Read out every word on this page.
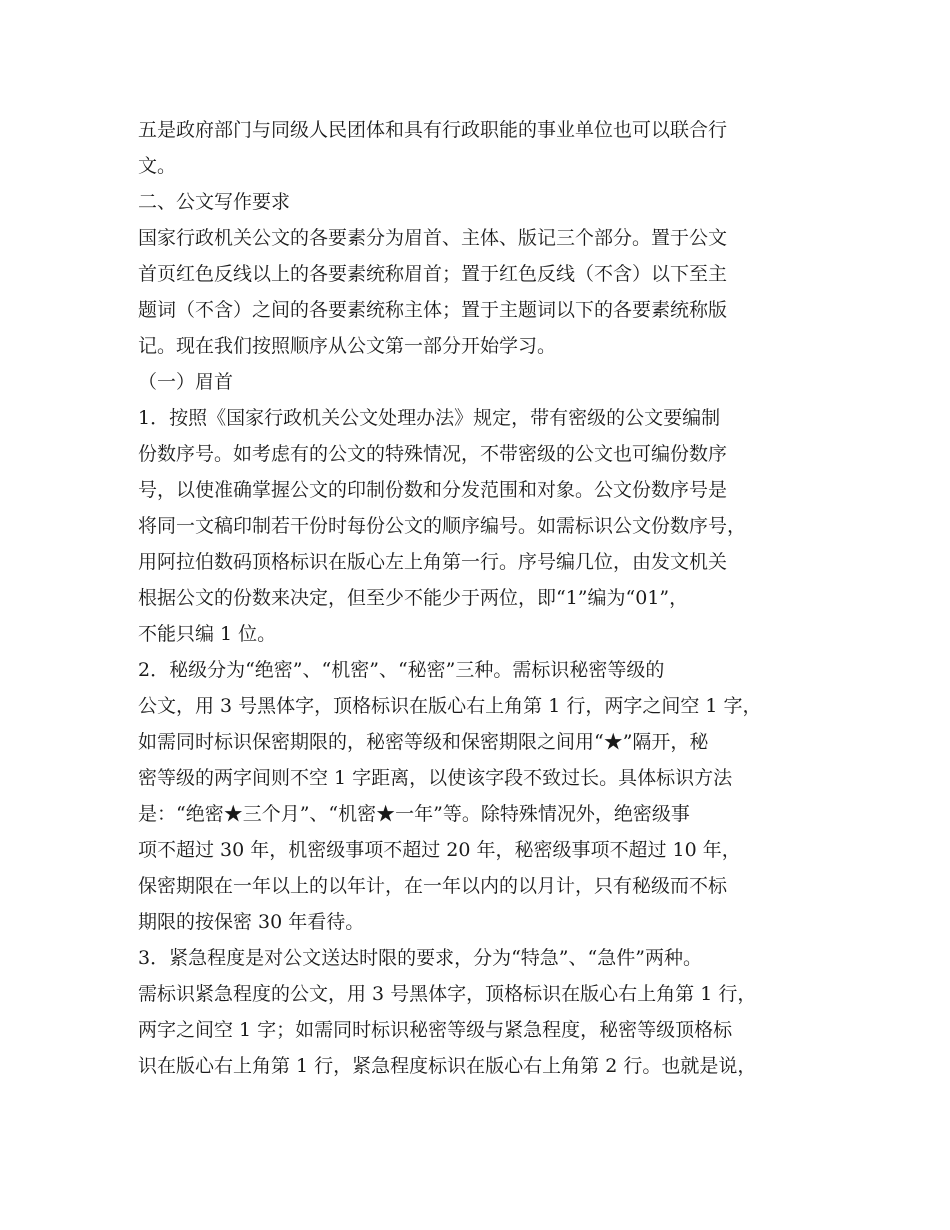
五是政府部门与同级人民团体和具有行政职能的事业单位也可以联合行
文。
二、公文写作要求
国家行政机关公文的各要素分为眉首、主体、版记三个部分。置于公文
首页红色反线以上的各要素统称眉首；置于红色反线（不含）以下至主
题词（不含）之间的各要素统称主体；置于主题词以下的各要素统称版
记。现在我们按照顺序从公文第一部分开始学习。
（一）眉首
1．按照《国家行政机关公文处理办法》规定，带有密级的公文要编制
份数序号。如考虑有的公文的特殊情况，不带密级的公文也可编份数序
号，以使准确掌握公文的印制份数和分发范围和对象。公文份数序号是
将同一文稿印制若干份时每份公文的顺序编号。如需标识公文份数序号，
用阿拉伯数码顶格标识在版心左上角第一行。序号编几位，由发文机关
根据公文的份数来决定，但至少不能少于两位，即“1”编为“01”，
不能只编 1 位。
2．秘级分为“绝密”、“机密”、“秘密”三种。需标识秘密等级的
公文，用 3 号黑体字，顶格标识在版心右上角第 1 行，两字之间空 1 字，
如需同时标识保密期限的，秘密等级和保密期限之间用“★”隔开，秘
密等级的两字间则不空 1 字距离，以使该字段不致过长。具体标识方法
是：“绝密★三个月”、“机密★一年”等。除特殊情况外，绝密级事
项不超过 30 年，机密级事项不超过 20 年，秘密级事项不超过 10 年，
保密期限在一年以上的以年计，在一年以内的以月计，只有秘级而不标
期限的按保密 30 年看待。
3．紧急程度是对公文送达时限的要求，分为“特急”、“急件”两种。
需标识紧急程度的公文，用 3 号黑体字，顶格标识在版心右上角第 1 行，
两字之间空 1 字；如需同时标识秘密等级与紧急程度，秘密等级顶格标
识在版心右上角第 1 行，紧急程度标识在版心右上角第 2 行。也就是说，
